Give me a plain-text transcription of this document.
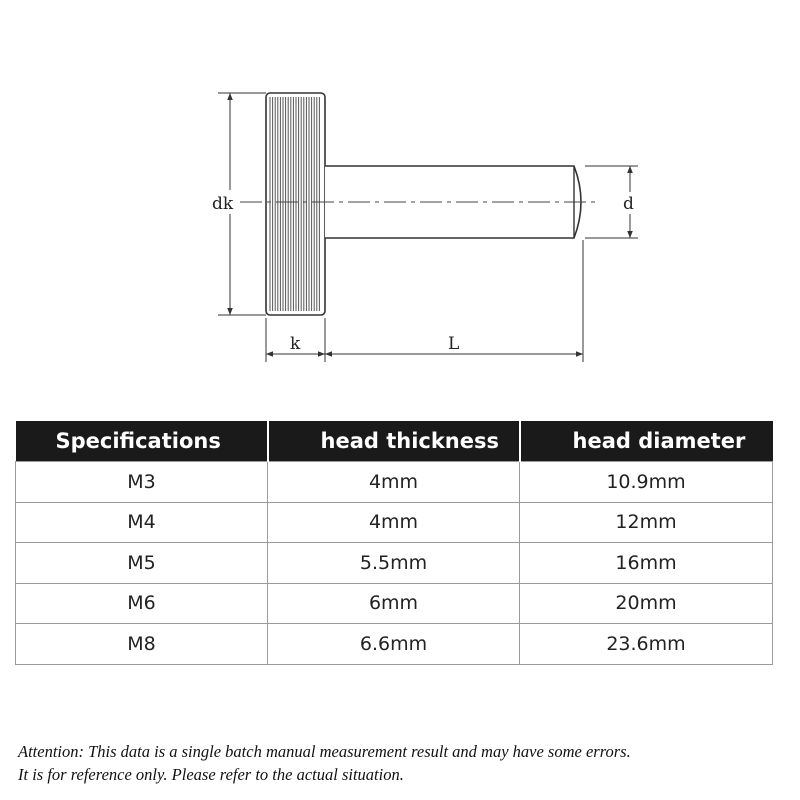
dk	d
k	L
Specifications	head thickness	head diameter
M3	4mm	10.9mm
M4	4mm	12mm
M5	5.5mm	16mm
M6	6mm	20mm
M8	6.6mm	23.6mm
Attention: This data is a single batch manual measurement result and may have some errors.
It is for reference only. Please refer to the actual situation.
